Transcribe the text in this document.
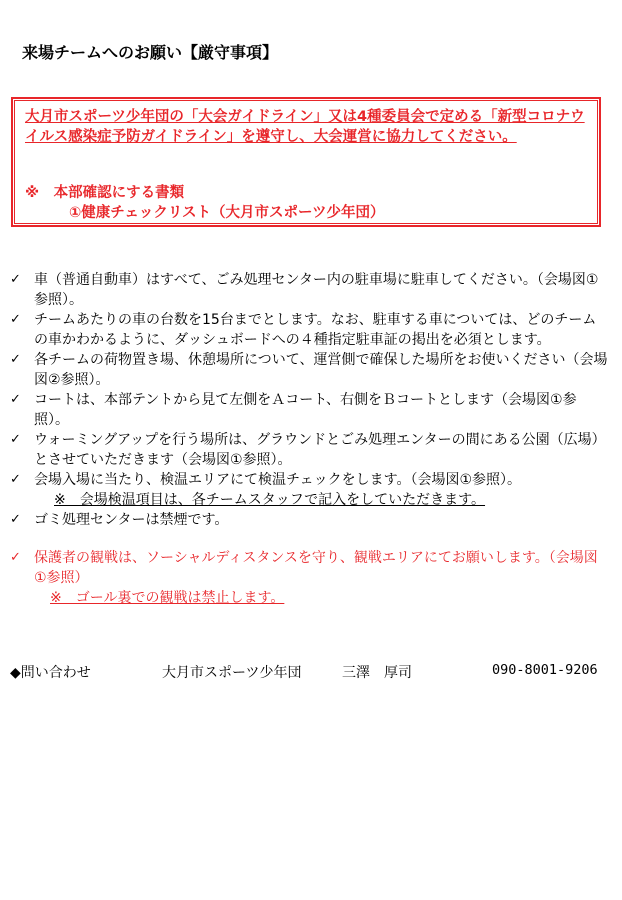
来場チームへのお願い【厳守事項】

大月市スポーツ少年団の「大会ガイドライン」又は4種委員会で定める「新型コロナウイルス感染症予防ガイドライン」を遵守し、大会運営に協力してください。

※　本部確認にする書類

①健康チェックリスト（大月市スポーツ少年団）

✓ 車（普通自動車）はすべて、ごみ処理センター内の駐車場に駐車してください。（会場図①参照）。
✓ チームあたりの車の台数を15台までとします。なお、駐車する車については、どのチームの車かわかるように、ダッシュボードへの４種指定駐車証の掲出を必須とします。
✓ 各チームの荷物置き場、休憩場所について、運営側で確保した場所をお使いください（会場図②参照）。
✓ コートは、本部テントから見て左側をＡコート、右側をＢコートとします（会場図①参照）。
✓ ウォーミングアップを行う場所は、グラウンドとごみ処理エンターの間にある公園（広場）とさせていただきます（会場図①参照）。
✓ 会場入場に当たり、検温エリアにて検温チェックをします。（会場図①参照）。
※　会場検温項目は、各チームスタッフで記入をしていただきます。
✓ ゴミ処理センターは禁煙です。
✓ 保護者の観戦は、ソーシャルディスタンスを守り、観戦エリアにてお願いします。（会場図①参照）
※　ゴール裏での観戦は禁止します。
◆問い合わせ	大月市スポーツ少年団	三澤　厚司	090-8001-9206
